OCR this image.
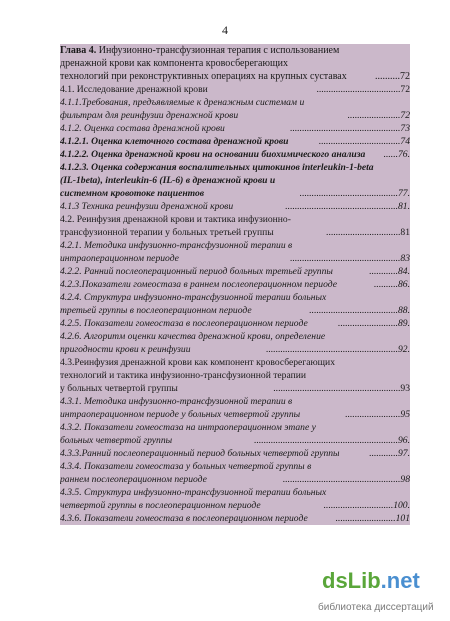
4
Глава 4. Инфузионно-трансфузионная терапия с использованием
дренажной крови как компонента кровосберегающих
технологий при реконструктивных операциях на крупных суставах	..........72
4.1. Исследование дренажной крови	...................................72
4.1.1.Требования, предъявляемые к дренажным системам и
фильтрам для реинфузии дренажной крови	......................72
4.1.2. Оценка состава дренажной крови	..............................................73
4.1.2.1. Оценка клеточного состава дренажной крови	..................................74
4.1.2.2. Оценка дренажной крови на основании биохимического анализа ......76.
4.1.2.3. Оценка содержания воспалительных цитокинов interleukin-1-beta
(IL-1beta), interleukin-6 (IL-6) в дренажной крови и
системном кровотоке пациентов	.........................................77.
4.1.3 Техника реинфузии дренажной крови	...............................................81.
4.2. Реинфузия дренажной крови и тактика инфузионно-
трансфузионной терапии у больных третьей группы	...............................81
4.2.1. Методика инфузионно-трансфузионной терапии в
интраоперационном периоде	..............................................83
4.2.2. Ранний послеоперационный период больных третьей группы	............84.
4.2.3.Показатели гомеостаза в раннем послеоперационном периоде	..........86.
4.2.4. Структура инфузионно-трансфузионной терапии больных
третьей группы в послеоперационном периоде	.....................................88.
4.2.5. Показатели гомеостаза в послеоперационном периоде	.........................89.
4.2.6. Алгоритм оценки качества дренажной крови, определение
пригодности крови к реинфузии	.......................................................92.
4.3.Реинфузия дренажной крови как компонент кровосберегающих
технологий и тактика инфузионно-трансфузионной терапии
у больных четвертой группы	.....................................................93
4.3.1. Методика инфузионно-трансфузионной терапии в
интраоперационном периоде у больных четвертой группы	.......................95
4.3.2. Показатели гомеостаза на интраоперационном этапе у
больных четвертой группы	............................................................96.
4.3.3.Ранний послеоперационный период больных четвертой группы	............97.
4.3.4. Показатели гомеостаза у больных четвертой группы в
раннем послеоперационном периоде	.................................................98
4.3.5. Структура инфузионно-трансфузионной терапии больных
четвертой группы в послеоперационном периоде	.............................100.
4.3.6. Показатели гомеостаза в послеоперационном периоде	.........................101
dsLib.net
библиотека диссертаций
